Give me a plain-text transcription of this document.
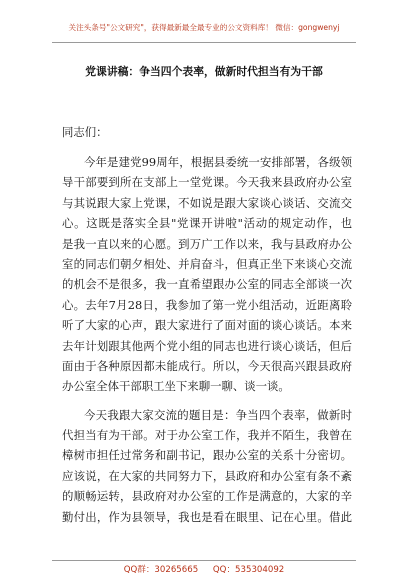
关注头条号"公文研究"，获得最新最全最专业的公文资料库！ 微信：gongwenyj
党课讲稿：争当四个表率，做新时代担当有为干部
同志们：
今年是建党99周年，根据县委统一安排部署，各级领
导干部要到所在支部上一堂党课。今天我来县政府办公室
与其说跟大家上党课，不如说是跟大家谈心谈话、交流交
心。这既是落实全县"党课开讲啦"活动的规定动作，也
是我一直以来的心愿。到万广工作以来，我与县政府办公
室的同志们朝夕相处、并肩奋斗，但真正坐下来谈心交流
的机会不是很多，我一直希望跟办公室的同志全部谈一次
心。去年7月28日，我参加了第一党小组活动，近距离聆
听了大家的心声，跟大家进行了面对面的谈心谈话。本来
去年计划跟其他两个党小组的同志也进行谈心谈话，但后
面由于各种原因都未能成行。所以，今天很高兴跟县政府
办公室全体干部职工坐下来聊一聊、谈一谈。
今天我跟大家交流的题目是：争当四个表率，做新时
代担当有为干部。对于办公室工作，我并不陌生，我曾在
樟树市担任过常务和副书记，跟办公室的关系十分密切。
应该说，在大家的共同努力下，县政府和办公室有条不紊
的顺畅运转，县政府对办公室的工作是满意的，大家的辛
勤付出，作为县领导，我也是看在眼里、记在心里。借此
QQ群：30265665 QQ：535304092
